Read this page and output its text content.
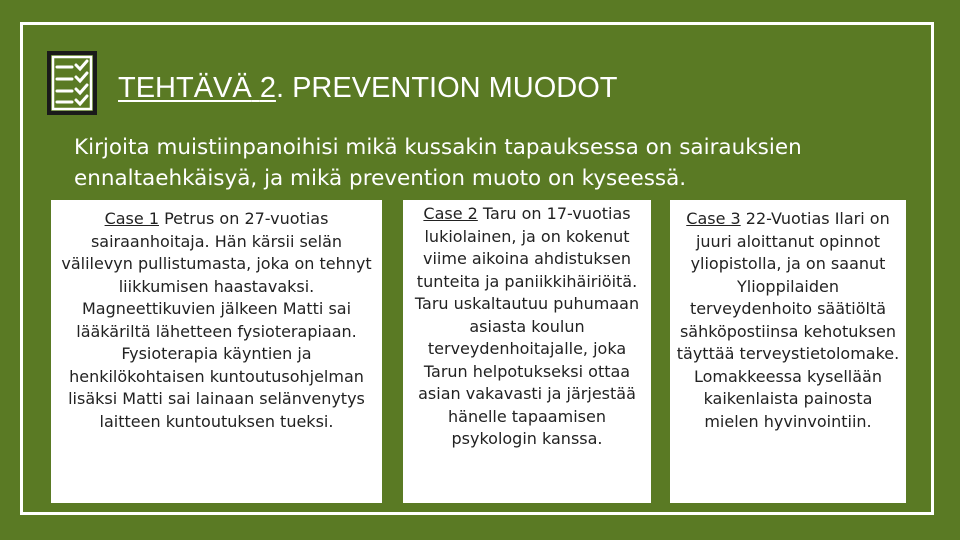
TEHTÄVÄ 2. PREVENTION MUODOT
Kirjoita muistiinpanoihisi mikä kussakin tapauksessa on sairauksien ennaltaehkäisyä, ja mikä prevention muoto on kyseessä.
Case 1 Petrus on 27-vuotias sairaanhoitaja. Hän kärsii selän välilevyn pullistumasta, joka on tehnyt liikkumisen haastavaksi. Magneettikuvien jälkeen Matti sai lääkäriltä lähetteen fysioterapiaan. Fysioterapia käyntien ja henkilökohtaisen kuntoutusohjelman lisäksi Matti sai lainaan selänvenytys laitteen kuntoutuksen tueksi.
Case 2 Taru on 17-vuotias lukiolainen, ja on kokenut viime aikoina ahdistuksen tunteita ja paniikkihäiriöitä. Taru uskaltautuu puhumaan asiasta koulun terveydenhoitajalle, joka Tarun helpotukseksi ottaa asian vakavasti ja järjestää hänelle tapaamisen psykologin kanssa.
Case 3 22-Vuotias Ilari on juuri aloittanut opinnot yliopistolla, ja on saanut Ylioppilaiden terveydenhoito säätiöltä sähköpostiinsa kehotuksen täyttää terveystietolomake. Lomakkeessa kysellään kaikenlaista painosta mielen hyvinvointiin.
